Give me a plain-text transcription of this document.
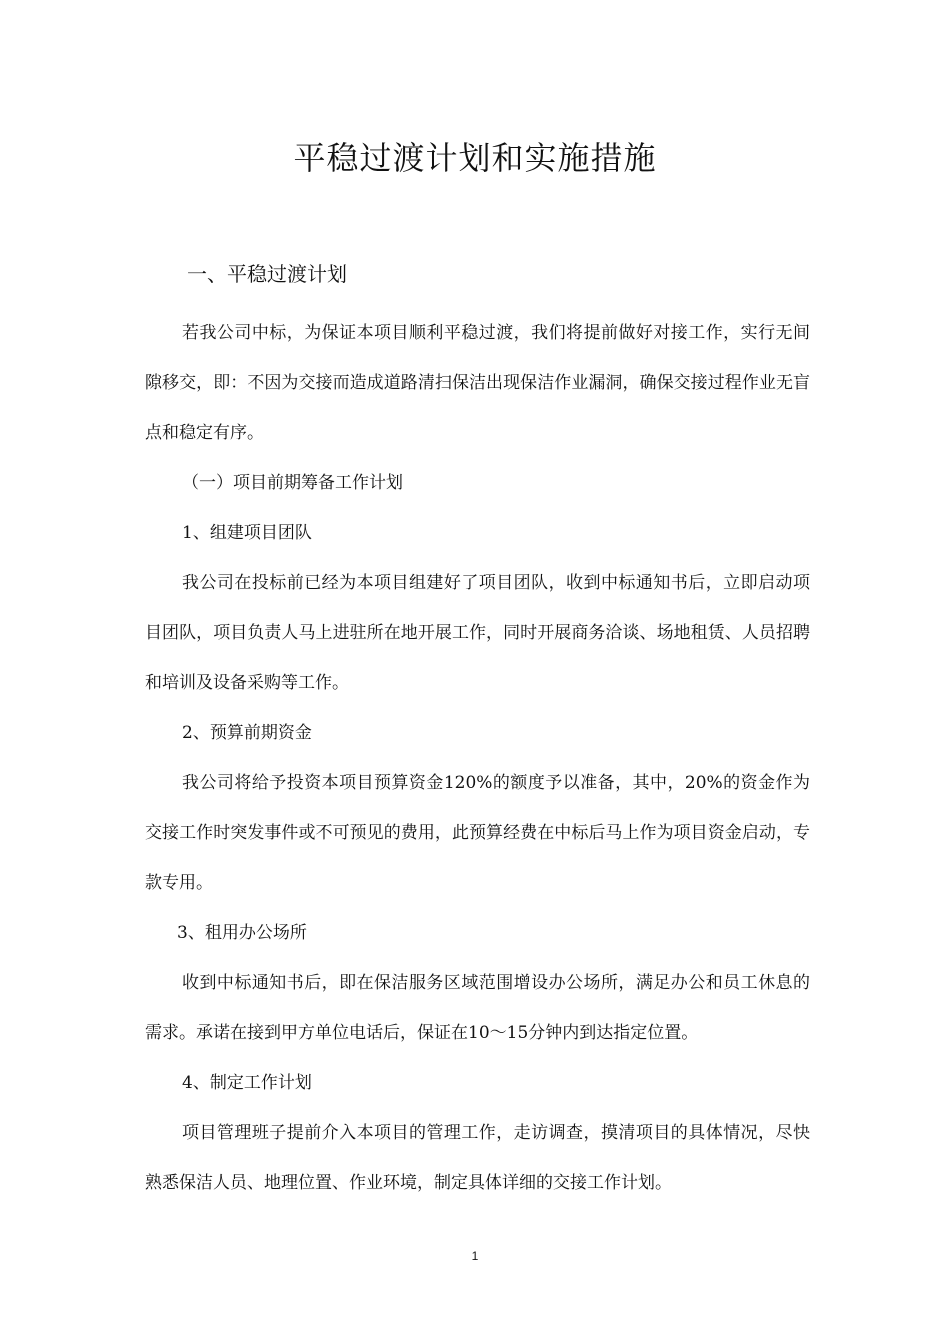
平稳过渡计划和实施措施
一、平稳过渡计划

若我公司中标，为保证本项目顺利平稳过渡，我们将提前做好对接工作，实行无间隙移交，即：不因为交接而造成道路清扫保洁出现保洁作业漏洞，确保交接过程作业无盲点和稳定有序。

（一）项目前期筹备工作计划

1、组建项目团队

我公司在投标前已经为本项目组建好了项目团队，收到中标通知书后，立即启动项目团队，项目负责人马上进驻所在地开展工作，同时开展商务洽谈、场地租赁、人员招聘和培训及设备采购等工作。

2、预算前期资金

我公司将给予投资本项目预算资金120%的额度予以准备，其中，20%的资金作为交接工作时突发事件或不可预见的费用，此预算经费在中标后马上作为项目资金启动，专款专用。

3、租用办公场所

收到中标通知书后，即在保洁服务区域范围增设办公场所，满足办公和员工休息的需求。承诺在接到甲方单位电话后，保证在10～15分钟内到达指定位置。

4、制定工作计划

项目管理班子提前介入本项目的管理工作，走访调查，摸清项目的具体情况，尽快熟悉保洁人员、地理位置、作业环境，制定具体详细的交接工作计划。

1
